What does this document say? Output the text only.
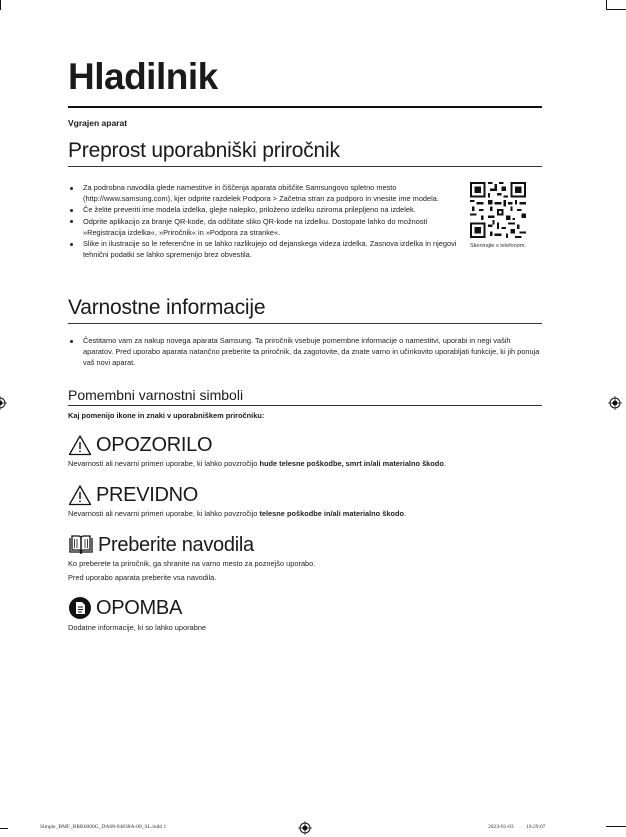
Hladilnik
Vgrajen aparat
Preprost uporabniški priročnik
Za podrobna navodila glede namestitve in čiščenja aparata obiščite Samsungovo spletno mesto (http://www.samsung.com), kjer odprite razdelek Podpora > Začetna stran za podporo in vnesite ime modela.
Če želite preveriti ime modela izdelka, glejte nalepko, priloženo izdelku oziroma prilepljeno na izdelek.
Odprite aplikacijo za branje QR-kode, da odčitate sliko QR-kode na izdelku. Dostopate lahko do možnosti »Registracija izdelka«, »Priročnik« in »Podpora za stranke«.
Slike in ilustracije so le referenčne in se lahko razlikujejo od dejanskega videza izdelka. Zasnova izdelka in njegovi tehnični podatki se lahko spremenijo brez obvestila.
Skenirajte s telefonom.
Varnostne informacije
Čestitamo vam za nakup novega aparata Samsung. Ta priročnik vsebuje pomembne informacije o namestitvi, uporabi in negi vaših aparatov. Pred uporabo aparata natančno preberite ta priročnik, da zagotovite, da znate varno in učinkovito uporabljati funkcije, ki jih ponuja vaš novi aparat.
Pomembni varnostni simboli
Kaj pomenijo ikone in znaki v uporabniškem priročniku:
OPOZORILO
Nevarnosti ali nevarni primeri uporabe, ki lahko povzročijo hude telesne poškodbe, smrt in/ali materialno škodo.
PREVIDNO
Nevarnosti ali nevarni primeri uporabe, ki lahko povzročijo telesne poškodbe in/ali materialno škodo.
Preberite navodila
Ko preberete ta priročnik, ga shranite na varno mesto za poznejšo uporabo.
Pred uporabo aparata preberite vsa navodila.
OPOMBA
Dodatne informacije, ki so lahko uporabne
Simple_BMF_BRB6000G_DA68-04838A-00_SL.indd 1	2023-01-03 10:29:07
